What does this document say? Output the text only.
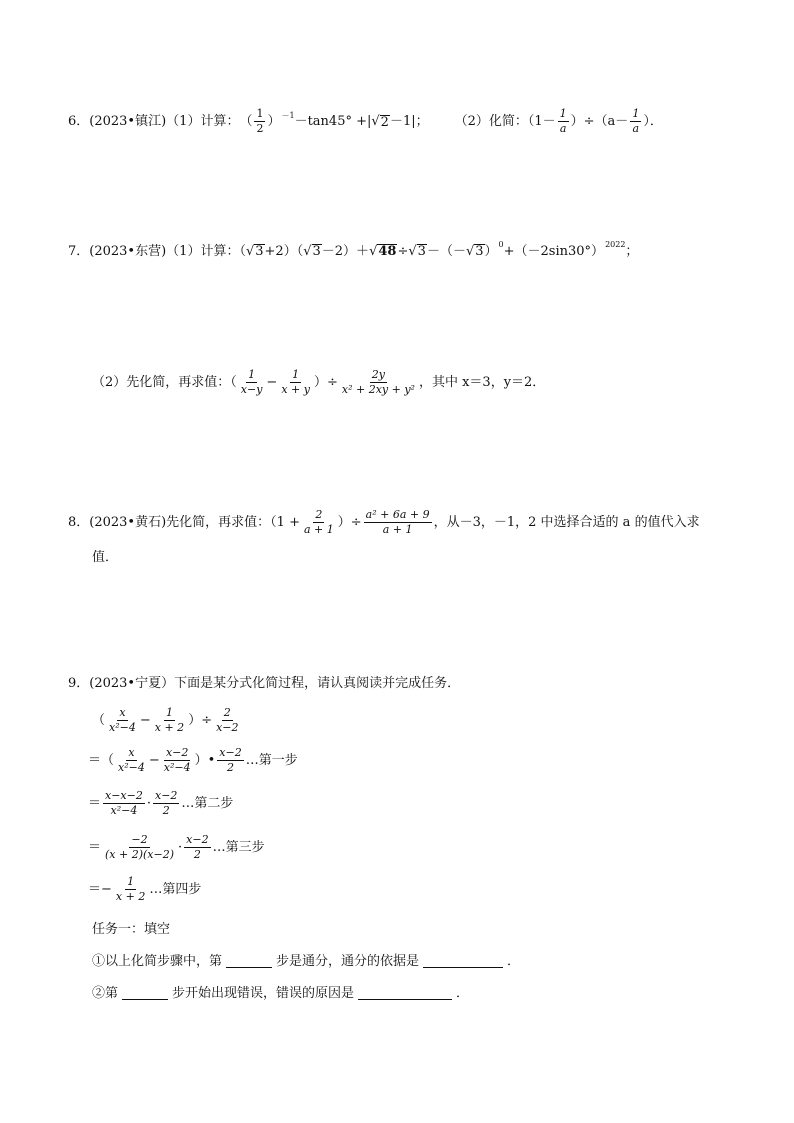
6．(2023•镇江)（1）计算： （ $\frac{1}{2}$ ） －1 －tan45° +| √ 2 －1|； （2）化简：$(1- \frac{1}{a} )\div(a- \frac{1}{a}$ ）．
7．(2023•东营)（1）计算：（ √ 3 +2）（ √ 3 －2）＋ √ 48 ÷ √ 3 －（－ √ 3 ） 0 +（－2sin30°） 2022 ；
（2）先化简，再求值：（ $\frac{1}{x-y} - \frac{1}{x + y}$ ）÷ $\frac{2y}{\text{x² + 2xy + y²}}$ ，其中 x＝3，y＝2．
8．(2023•黄石)先化简，再求值：（$1 + \frac{2}{a + 1}$ ）÷ $\frac{\text{a² + 6a + 9}}{a + 1}$ ，从－3，－1，2 中选择合适的 a 的值代入求
值．
9．(2023•宁夏）下面是某分式化简过程，请认真阅读并完成任务．
（ $\frac{x}{\text{x²−4}} - \frac{1}{x + 2}$ ）÷ $\frac{2}{x-2}$
＝（ $\frac{x}{\text{x²−4}} - \frac{x-2}{\text{x²−4}}$ ）• $\frac{x-2}{2}$ …第一步
＝ $\frac{x-x-2}{\text{x²−4}} \cdot \frac{x-2}{2}$ …第二步
＝ $\frac{-2}{(x + 2)(x-2)} \cdot \frac{x-2}{2}$ …第三步
＝− $\frac{1}{x + 2}$ …第四步
任务一：填空
①以上化简步骤中，第	步是通分，通分的依据是	．
②第	步开始出现错误，错误的原因是	．
